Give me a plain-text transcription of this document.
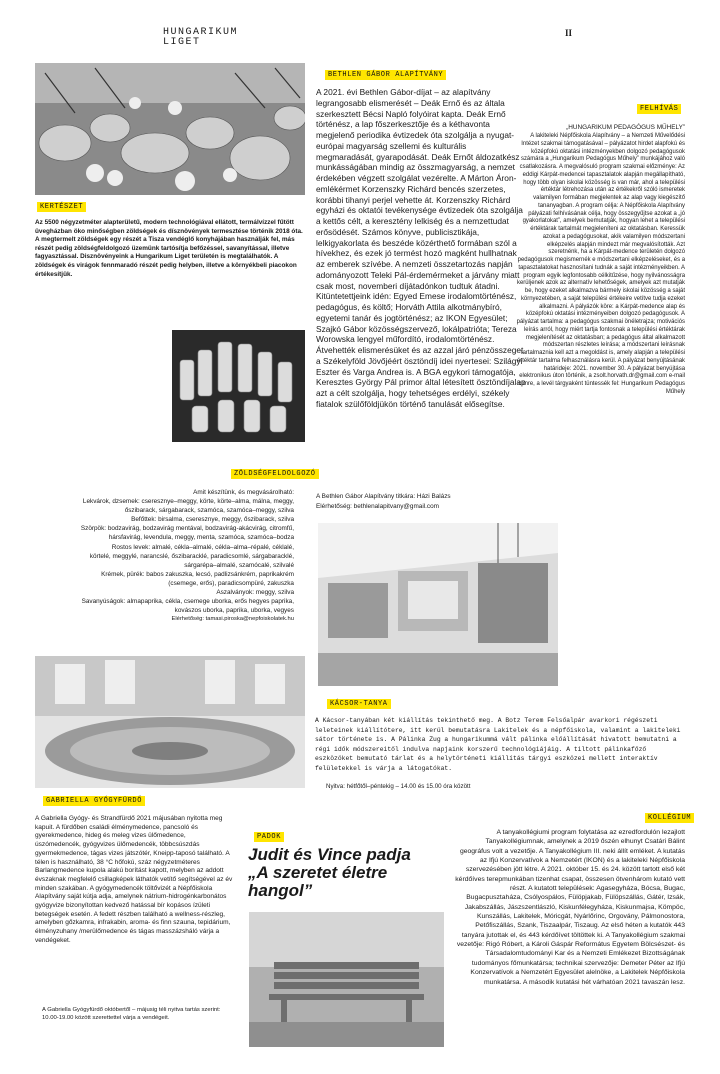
HUNGARIKUM
LIGET
II
KERTÉSZET
Az 5500 négyzetméter alapterületű, modern technológiával ellátott, termálvízzel fűtött üvegházban öko minőségben zöldségek és dísznövények termesztése történik 2018 óta. A megtermelt zöldségek egy részét a Tisza vendéglő konyhájában használják fel, más részét pedig zöldségfeldolgozó üzemünk tartósítja befőzéssel, savanyítással, illetve fagyasztással. Disznövényeink a Hungarikum Liget területén is megtalálhatók. A zöldségek és virágok fennmaradó részét pedig helyben, illetve a környékbeli piacokon értékesítjük.
ZÖLDSÉGFELDOLGOZÓ
Amit készítünk, és megvásárolható:
Lekvárok, dzsemek: cseresznye–meggy, körte, körte–alma, málna, meggy,
őszibarack, sárgabarack, szamóca, szamóca–meggy, szilva
Befőttek: birsalma, cseresznye, meggy, őszibarack, szilva
Szörpök: bodzavirág, bodzavirág mentával, bodzavirág-akácvirág, citromfű,
hársfavirág, levendula, meggy, menta, szamóca, szamóca–bodza
Rostos levek: almalé, cékla–almalé, cékla–alma–répalé, céklalé,
körtelé, meggylé, narancslé, őszibaracklé, paradicsomlé, sárgabaracklé,
sárgarépa–almalé, szamócalé, szilvalé
Krémek, pürék: babos zakuszka, lecsó, padlizsánkrém, paprikakrém
(csemege, erős), paradicsompüré, zakuszka
Aszalványok: meggy, szilva
Savanyúságok: almapaprika, cékla, csemege uborka, erős hegyes paprika,
kovászos uborka, paprika, uborka, vegyes
Elérhetőség: tamasi.piroska@nepfoiskolatek.hu
BETHLEN GÁBOR ALAPÍTVÁNY
A 2021. évi Bethlen Gábor-díjat – az alapítvány legrangosabb elismerését – Deák Ernő és az általa szerkesztett Bécsi Napló folyóirat kapta. Deák Ernő történész, a lap főszerkesztője és a kéthavonta megjelenő periodika évtizedek óta szolgálja a nyugat-európai magyarság szellemi és kulturális megmaradását, gyarapodását. Deák Ernőt áldozatkész munkásságában mindig az összmagyarság, a nemzet érdekében végzett szolgálat vezérelte. A Márton Áron-emlékérmet Korzenszky Richárd bencés szerzetes, korábbi tihanyi perjel vehette át. Korzenszky Richárd egyházi és oktatói tevékenysége évtizedek óta szolgálja a kettős célt, a keresztény lelkiség és a nemzettudat erősödését. Számos könyve, publicisztikája, lelkigyakorlata és beszéde közérthető formában szól a hívekhez, és ezek jó termést hozó magként hullhatnak az emberek szívébe. A nemzeti összetartozás napján adományozott Teleki Pál-érdemérmeket a járvány miatt csak most, novemberi díjátadónkon tudtuk átadni. Kitüntetettjeink idén: Egyed Emese irodalomtörténész, pedagógus, és költő; Horváth Attila alkotmánybíró, egyetemi tanár és jogtörténész; az IKON Egyesület; Szajkó Gábor közösségszervező, lokálpatrióta; Tereza Worowska lengyel műfordító, irodalomtörténész. Átvehették elismerésüket és az azzal járó pénzösszeget a Székelyföld Jövőjéért ösztöndíj idei nyertesei: Szilágyi Eszter és Varga Andrea is. A BGA egykori támogatója, Keresztes György Pál primor által létesített ösztöndíjalap azt a célt szolgálja, hogy tehetséges erdélyi, székely fiatalok szülőföldjükön történő tanulását elősegítse.
A Bethlen Gábor Alapítvány titkára: Házi Balázs
Elérhetőség: bethlenalapitvany@gmail.com
FELHÍVÁS
„HUNGARIKUM PEDAGÓGUS MŰHELY”
A lakiteleki Népfőiskola Alapítvány – a Nemzeti Művelődési Intézet szakmai támogatásával – pályázatot hirdet alapfokú és középfokú oktatási intézményekben dolgozó pedagógusok számára a „Hungarikum Pedagógus Műhely” munkájához való csatlakozásra. A megvalósuló program szakmai előzménye: Az eddigi Kárpát-medencei tapasztalatok alapján megállapítható, hogy több olyan iskolai közösség is van már, ahol a települési értéktár létrehozása után az értékekről szóló ismeretek valamilyen formában megjelentek az alap vagy kiegészítő tananyagban. A program célja: A Népfőiskola Alapítvány pályázati felhívásának célja, hogy összegyűjtse azokat a „jó gyakorlatokat”, amelyek bemutatják, hogyan lehet a települési értéktárak tartalmát megjeleníteni az oktatásban. Keressük azokat a pedagógusokat, akik valamilyen módszertani elképzelés alapján mindezt már megvalósították. Azt szeretnénk, ha a Kárpát-medence területén dolgozó pedagógusok megismernék e módszertani elképzeléseket, és a tapasztalatokat hasznosítani tudnák a saját intézményeikben. A program egyik legfontosabb célkitűzése, hogy nyilvánosságra kerüljenek azok az alternatív lehetőségek, amelyek azt mutatják be, hogy ezeket alkalmazva bármely iskolai közösség a saját környezetében, a saját települési értékeire vetítve tudja ezeket alkalmazni. A pályázók köre: a Kárpát-medence alap és középfokú oktatási intézményeiben dolgozó pedagógusok. A pályázat tartalma: a pedagógus szakmai önéletrajza; motivációs leírás arról, hogy miért tartja fontosnak a települési értéktárak megjelenítését az oktatásban; a pedagógus által alkalmazott módszertan részletes leírása; a módszertani leírásnak tartalmaznia kell azt a megoldást is, amely alapján a települési értéktár tartalma felhasználásra kerül. A pályázat benyújtásának határideje: 2021. november 30. A pályázat benyújtása elektronikus úton történik, a zsolt.horvath.dr@gmail.com e-mail címre, a levél tárgyaként tüntessék fel: Hungarikum Pedagógus Műhely
KÁCSOR-TANYA
A Kácsor-tanyában két kiállítás tekinthető meg. A Botz Terem Felsőalpár avarkori régészeti leleteinek kiállítótere, itt kerül bemutatásra Lakitelek és a népfőiskola, valamint a lakiteleki sátor története is. A Pálinka Zug a hungarikummá vált pálinka előállítását hivatott bemutatni a régi idők módszereitől indulva napjaink korszerű technológiájáig. A tiltott pálinkafőző eszközöket bemutató tárlat és a helytörténeti kiállítás tárgyi eszközei mellett interaktív felületekkel is várja a látogatókat.
Nyitva: hétfőtől–péntekig – 14.00 és 15.00 óra között
GABRIELLA GYÓGYFÜRDŐ
A Gabriella Gyógy- és Strandfürdő 2021 májusában nyitotta meg kapuit. A fürdőben családi élménymedence, pancsoló és gyerekmedence, hideg és meleg vizes ülőmedence, úszómedencék, gyógyvizes ülőmedencék, többcsúszdás gyermekmedence, tágas vizes játszótér, Kneipp-taposó található. A télen is használható, 38 °C hőfokú, száz négyzetméteres Barlangmedence kupola alakú borítást kapott, melyben az addott évszaknak megfelelő csillagképek láthatók vetítő segítségével az év minden szakában. A gyógymedencék töltővizét a Népfőiskola Alapítvány saját kútja adja, amelynek nátrium-hidrogénkarbonátos gyógyvize bizonyítottan kedvező hatással bír kopásos ízületi betegségek esetén. A fedett részben található a wellness-részleg, amelyben gőzkamra, infrakabin, aroma- és finn szauna, tepidárium, élményzuhany /merülőmedence és tágas masszázsháló várja a vendégeket.
A Gabriella Gyógyfürdő októbertől – májusig téli nyitva tartás szerint: 10.00-19.00 között szerettettel várja a vendégeit.
PADOK
Judit és Vince padja „A szeretet életre hangol”
KOLLÉGIUM
A tanyakollégiumi program folytatása az ezredfordulón lezajlott Tanyakollégiumnak, amelynek a 2019 őszén elhunyt Csatári Bálint geográfus volt a vezetője. A Tanyakollégium III. neki állít emléket. A kutatás az Ifjú Konzervatívok a Nemzetért (IKON) és a lakiteleki Népfőiskola szervezésében jött létre. A 2021. október 15. és 24. között tartott első két kérdőíves terepmunkában tizenhat csapat, összesen ötvenhárom kutató vett részt. A kutatott települések: Agasegyháza, Bócsa, Bugac, Bugacpusztaháza, Csólyospálos, Fülöpjakab, Fülöpszállás, Gátér, Izsák, Jakabszállás, Jászszentlászló, Kiskunfélegyháza, Kiskunmajsa, Kömpöc, Kunszállás, Lakitelek, Móricgát, Nyárlőrinc, Orgovány, Pálmonostora, Petőfiszállás, Szank, Tiszaalpár, Tiszaug. Az első héten a kutatók 443 tanyára jutottak el, és 443 kérdőívet töltöttek ki. A Tanyakollégium szakmai vezetője: Rigó Róbert, a Károli Gáspár Református Egyetem Bölcsészet- és Társadalomtudományi Kar és a Nemzeti Emlékezet Bizottságának tudományos főmunkatársa; technikai szervezője: Demeter Péter az Ifjú Konzervatívok a Nemzetért Egyesület alelnöke, a Lakitelek Népfőiskola munkatársa. A második kutatási hét várhatóan 2021 tavaszán lesz.
